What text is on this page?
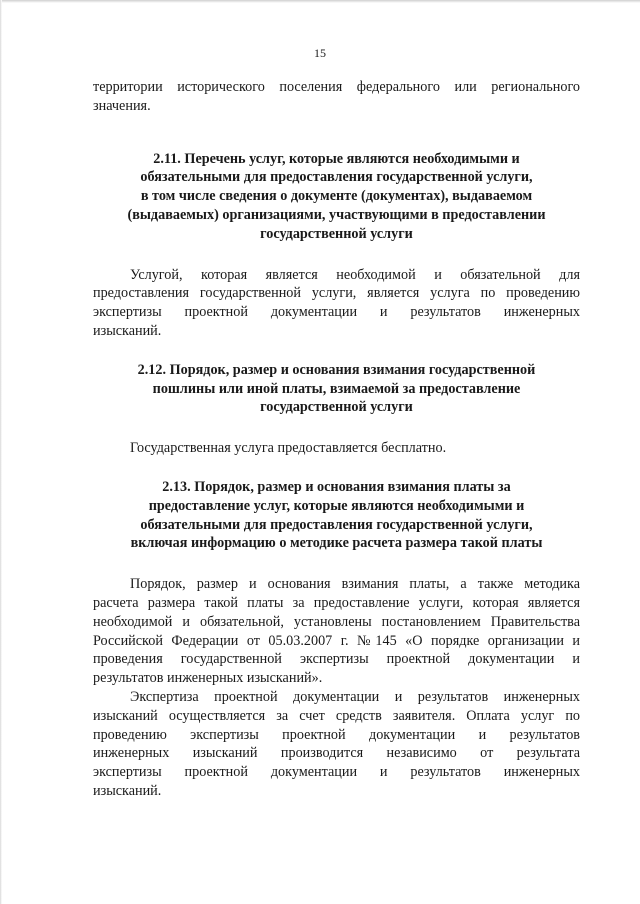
15

территории исторического поселения федерального или регионального
значения.

2.11. Перечень услуг, которые являются необходимыми и
обязательными для предоставления государственной услуги,
в том числе сведения о документе (документах), выдаваемом
(выдаваемых) организациями, участвующими в предоставлении
государственной услуги

Услугой, которая является необходимой и обязательной для
предоставления государственной услуги, является услуга по проведению
экспертизы проектной документации и результатов инженерных
изысканий.

2.12. Порядок, размер и основания взимания государственной
пошлины или иной платы, взимаемой за предоставление
государственной услуги

Государственная услуга предоставляется бесплатно.

2.13. Порядок, размер и основания взимания платы за
предоставление услуг, которые являются необходимыми и
обязательными для предоставления государственной услуги,
включая информацию о методике расчета размера такой платы

Порядок, размер и основания взимания платы, а также методика
расчета размера такой платы за предоставление услуги, которая является
необходимой и обязательной, установлены постановлением Правительства
Российской Федерации от 05.03.2007 г. №145 «О порядке организации и
проведения государственной экспертизы проектной документации и
результатов инженерных изысканий».

Экспертиза проектной документации и результатов инженерных
изысканий осуществляется за счет средств заявителя. Оплата услуг по
проведению экспертизы проектной документации и результатов
инженерных изысканий производится независимо от результата
экспертизы проектной документации и результатов инженерных
изысканий.
